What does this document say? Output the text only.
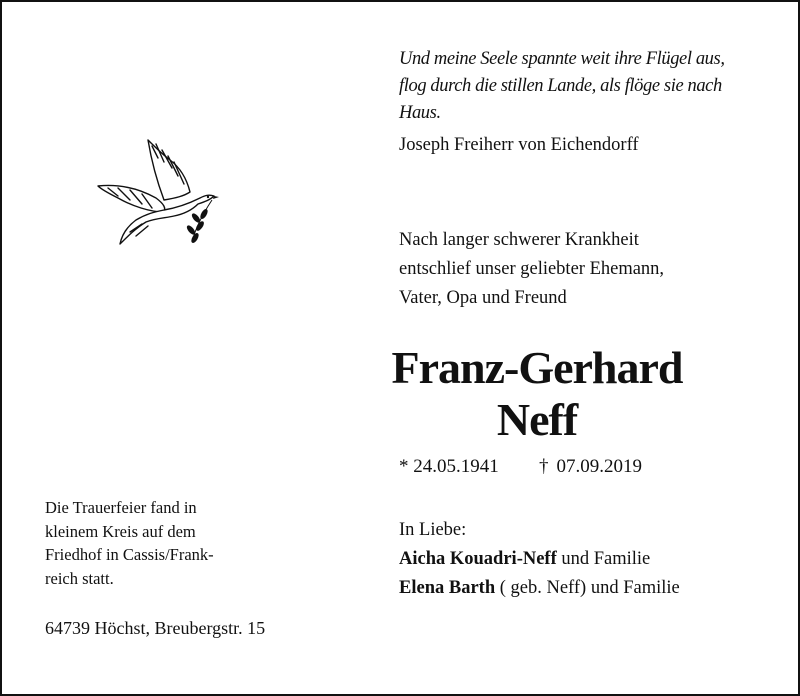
Und meine Seele spannte weit ihre Flügel aus,

flog durch die stillen Lande, als flöge sie nach

Haus.

Joseph Freiherr von Eichendorff

Nach langer schwerer Krankheit

entschlief unser geliebter Ehemann,

Vater, Opa und Freund

Franz-Gerhard

Neff

* 24.05.1941 † 07.09.2019

In Liebe:

Aicha Kouadri-Neff und Familie

Elena Barth ( geb. Neff) und Familie

Die Trauerfeier fand in

kleinem Kreis auf dem

Friedhof in Cassis/Frank-

reich statt.

64739 Höchst, Breubergstr. 15
